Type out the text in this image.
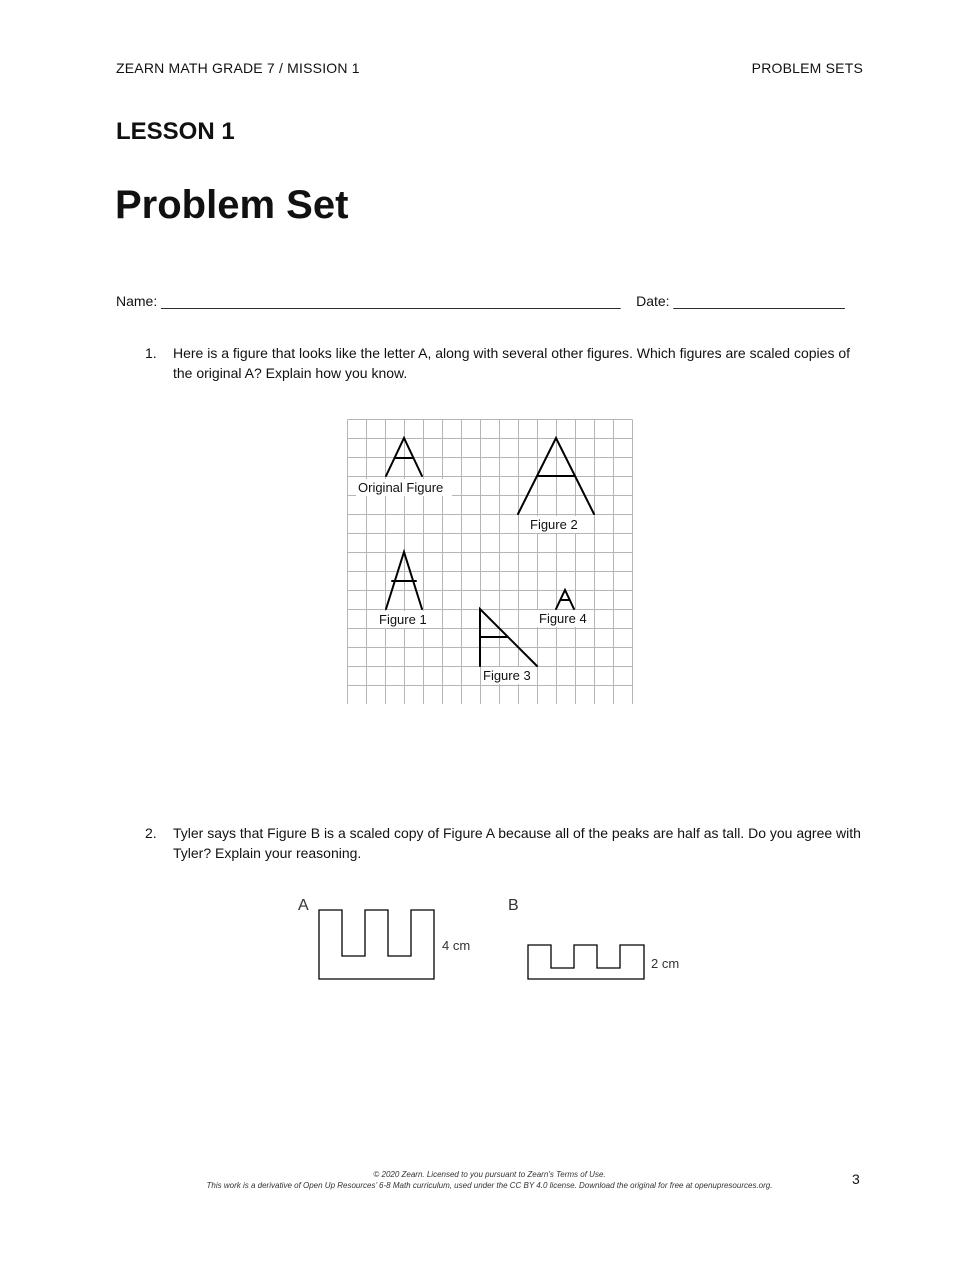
ZEARN MATH GRADE 7 / MISSION 1	PROBLEM SETS
LESSON 1
Problem Set
Name: ___________________________________________________________ Date: ______________________
1. Here is a figure that looks like the letter A, along with several other figures. Which figures are scaled copies of the original A? Explain how you know.
Original Figure
Figure 2
Figure 1	Figure 4
Figure 3
2. Tyler says that Figure B is a scaled copy of Figure A because all of the peaks are half as tall. Do you agree with Tyler? Explain your reasoning.
A	B
4 cm
2 cm
© 2020 Zearn. Licensed to you pursuant to Zearn’s Terms of Use.
This work is a derivative of Open Up Resources’ 6-8 Math curriculum, used under the CC BY 4.0 license. Download the original for free at openupresources.org.	3
